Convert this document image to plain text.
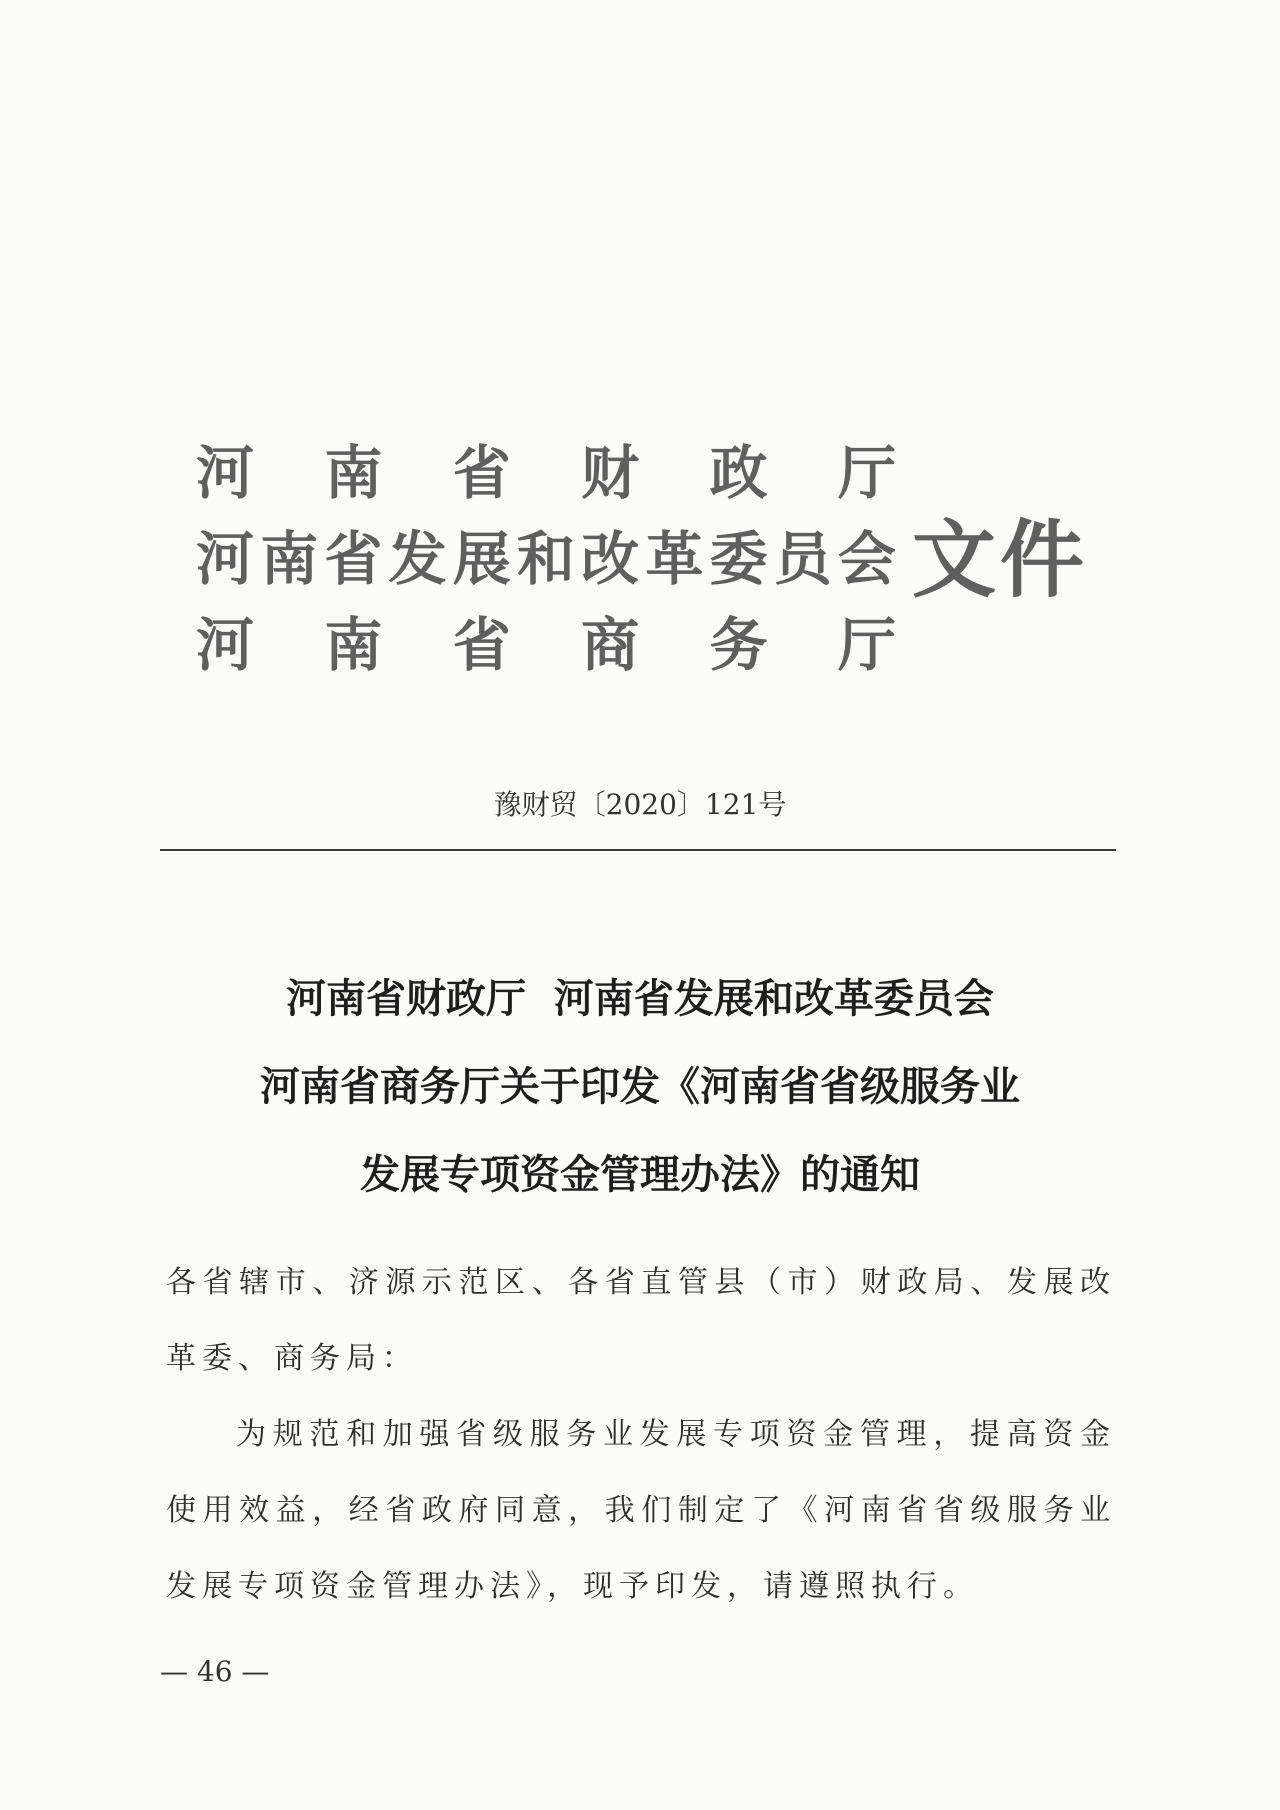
河 南 省 财 政 厅
河 南 省 发 展 和 改 革 委 员 会
河 南 省 商 务 厅
文件
豫财贸〔2020〕121号
河南省财政厅  河南省发展和改革委员会
河南省商务厅关于印发《河南省省级服务业
发展专项资金管理办法》的通知

各省辖市、济源示范区、各省直管县（市）财政局、发展改革委、商务局：

为规范和加强省级服务业发展专项资金管理，提高资金使用效益，经省政府同意，我们制定了《河南省省级服务业发展专项资金管理办法》，现予印发，请遵照执行。

— 46 —
